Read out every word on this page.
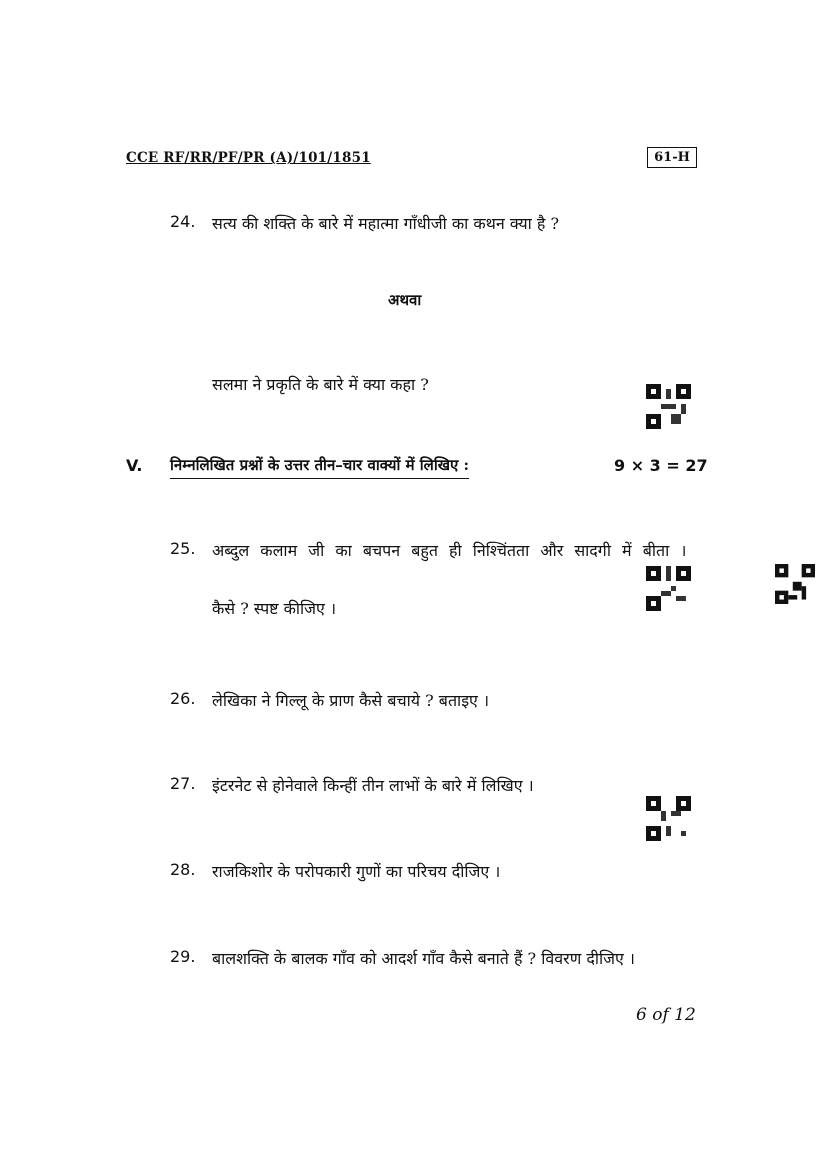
CCE RF/RR/PF/PR (A)/101/1851	61-H
24. सत्य की शक्ति के बारे में महात्मा गाँधीजी का कथन क्या है ?
अथवा
सलमा ने प्रकृति के बारे में क्या कहा ?
V. निम्नलिखित प्रश्नों के उत्तर तीन–चार वाक्यों में लिखिए :	9 × 3 = 27
25. अब्दुल कलाम जी का बचपन बहुत ही निश्चिंतता और सादगी में बीता ।
कैसे ? स्पष्ट कीजिए ।
26. लेखिका ने गिल्लू के प्राण कैसे बचाये ? बताइए ।
27. इंटरनेट से होनेवाले किन्हीं तीन लाभों के बारे में लिखिए ।
28. राजकिशोर के परोपकारी गुणों का परिचय दीजिए ।
29. बालशक्ति के बालक गाँव को आदर्श गाँव कैसे बनाते हैं ? विवरण दीजिए ।
6 of 12
